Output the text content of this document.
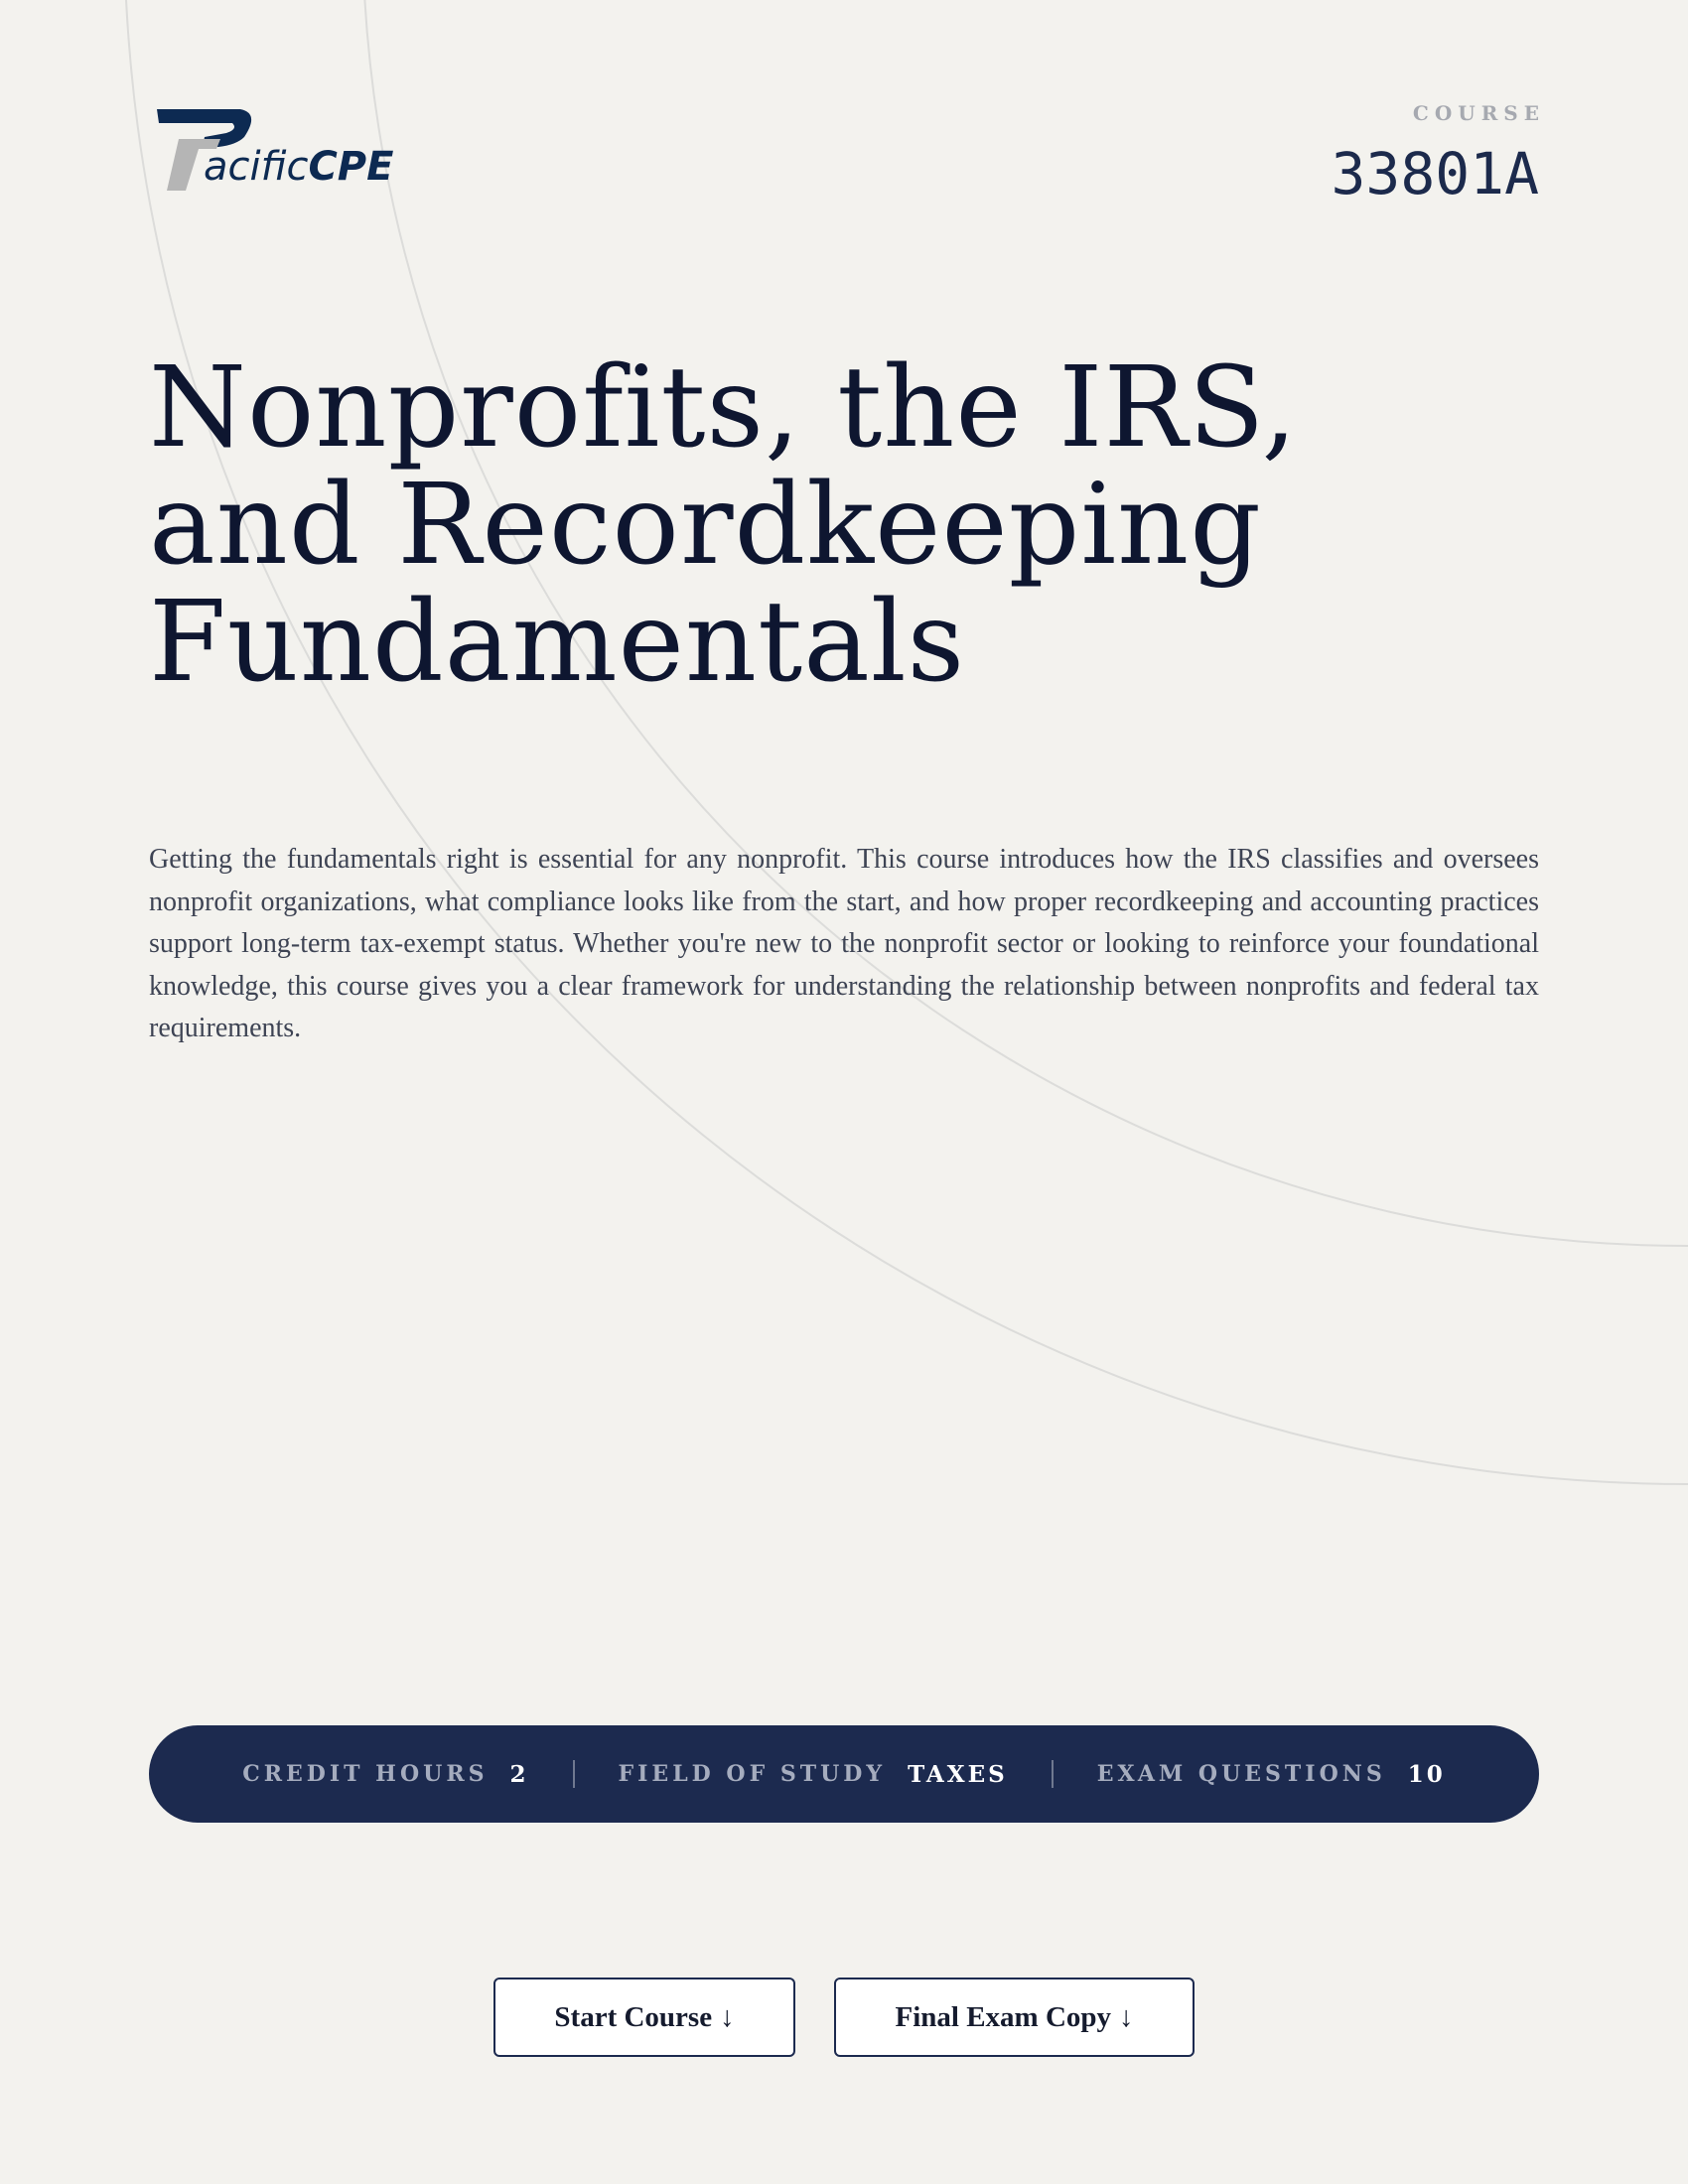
acificCPE
COURSE
33801A
Nonprofits, the IRS,
and Recordkeeping
Fundamentals

Getting the fundamentals right is essential for any nonprofit. This course introduces how the IRS classifies and oversees nonprofit organizations, what compliance looks like from the start, and how proper recordkeeping and accounting practices support long-term tax-exempt status. Whether you're new to the nonprofit sector or looking to reinforce your foundational knowledge, this course gives you a clear framework for understanding the relationship between nonprofits and federal tax requirements.

CREDIT HOURS 2	FIELD OF STUDY TAXES	EXAM QUESTIONS 10
Start Course ↓	Final Exam Copy ↓
